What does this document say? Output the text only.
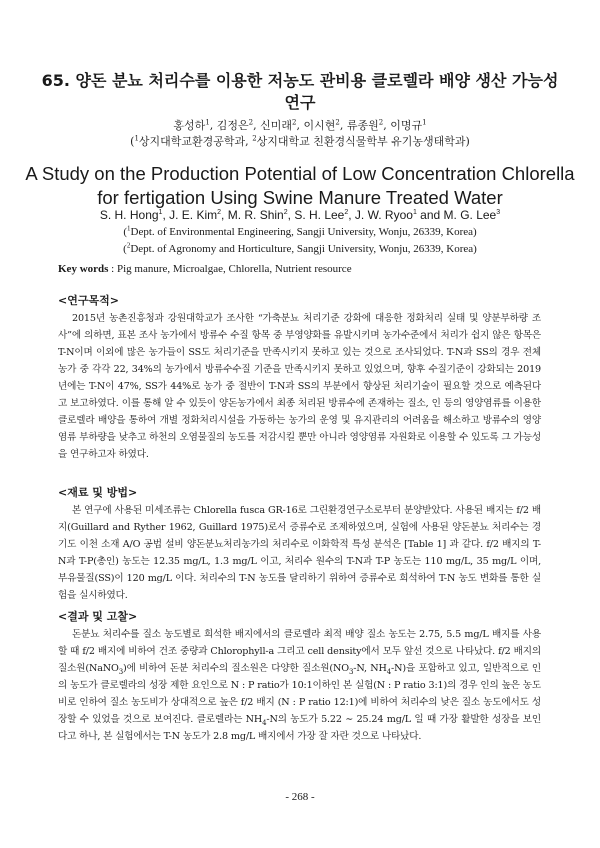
65. 양돈 분뇨 처리수를 이용한 저농도 관비용 클로렐라 배양 생산 가능성 연구
홍성하$^1$, 김정은$^2$, 신미래$^2$, 이시현$^2$, 류종원$^2$, 이명규$^1$
($^1$상지대학교환경공학과, $^2$상지대학교 친환경식물학부 유기농생태학과)
A Study on the Production Potential of Low Concentration Chlorella for fertigation Using Swine Manure Treated Water
S. H. Hong$^1$, J. E. Kim$^2$, M. R. Shin$^2$, S. H. Lee$^2$, J. W. Ryoo$^1$ and M. G. Lee$^3$
($^1$Dept. of Environmental Engineering, Sangji University, Wonju, 26339, Korea)
($^2$Dept. of Agronomy and Horticulture, Sangji University, Wonju, 26339, Korea)
Key words : Pig manure, Microalgae, Chlorella, Nutrient resource
<연구목적>
2015년 농촌진흥청과 강원대학교가 조사한 “가축분뇨 처리기준 강화에 대응한 정화처리 실태 및 양분부하량 조사”에 의하면, 표본 조사 농가에서 방류수 수질 항목 중 부영양화를 유발시키며 농가수준에서 처리가 쉽지 않은 항목은 T-N이며 이외에 많은 농가들이 SS도 처리기준을 만족시키지 못하고 있는 것으로 조사되었다. T-N과 SS의 경우 전체 농가 중 각각 22, 34%의 농가에서 방류수수질 기준을 만족시키지 못하고 있었으며, 향후 수질기준이 강화되는 2019년에는 T-N이 47%, SS가 44%로 농가 중 절반이 T-N과 SS의 부분에서 향상된 처리기술이 필요할 것으로 예측된다고 보고하였다. 이를 통해 알 수 있듯이 양돈농가에서 최종 처리된 방류수에 존재하는 질소, 인 등의 영양염류를 이용한 클로렐라 배양을 통하여 개별 정화처리시설을 가동하는 농가의 운영 및 유지관리의 어려움을 해소하고 방류수의 영양염류 부하량을 낮추고 하천의 오염물질의 농도를 저감시킬 뿐만 아니라 영양염류 자원화로 이용할 수 있도록 그 가능성을 연구하고자 하였다.
<재료 및 방법>
본 연구에 사용된 미세조류는 Chlorella fusca GR-16로 그린환경연구소로부터 분양받았다. 사용된 배지는 f/2 배지(Guillard and Ryther 1962, Guillard 1975)로서 증류수로 조제하였으며, 실험에 사용된 양돈분뇨 처리수는 경기도 이천 소재 A/O 공법 설비 양돈분뇨처리농가의 처리수로 이화학적 특성 분석은 [Table 1] 과 같다. f/2 배지의 T-N과 T-P(총인) 농도는 12.35 mg/L, 1.3 mg/L 이고, 처리수 원수의 T-N과 T-P 농도는 110 mg/L, 35 mg/L 이며, 부유물질(SS)이 120 mg/L 이다. 처리수의 T-N 농도를 달리하기 위하여 증류수로 희석하여 T-N 농도 변화를 통한 실험을 실시하였다.
<결과 및 고찰>
돈분뇨 처리수를 질소 농도별로 희석한 배지에서의 클로렐라 최적 배양 질소 농도는 2.75, 5.5 mg/L 배지를 사용할 때 f/2 배지에 비하여 건조 중량과 Chlorophyll-a 그리고 cell density에서 모두 앞선 것으로 나타났다. f/2 배지의 질소원(NaNO$_3$)에 비하여 돈분 처리수의 질소원은 다양한 질소원($NO_3-N$, $NH_4-N$)을 포함하고 있고, 일반적으로 인의 농도가 클로렐라의 성장 제한 요인으로 N : P ratio가 10:1이하인 본 실험(N : P ratio 3:1)의 경우 인의 높은 농도비로 인하여 질소 농도비가 상대적으로 높은 f/2 배지 (N : P ratio 12:1)에 비하여 처리수의 낮은 질소 농도에서도 성장할 수 있었을 것으로 보여진다. 클로렐라는 $NH_4-N$의 농도가 5.22 ∼ 25.24 mg/L 일 때 가장 활발한 성장을 보인다고 하나, 본 실험에서는 T-N 농도가 2.8 mg/L 배지에서 가장 잘 자란 것으로 나타났다.
- 268 -
